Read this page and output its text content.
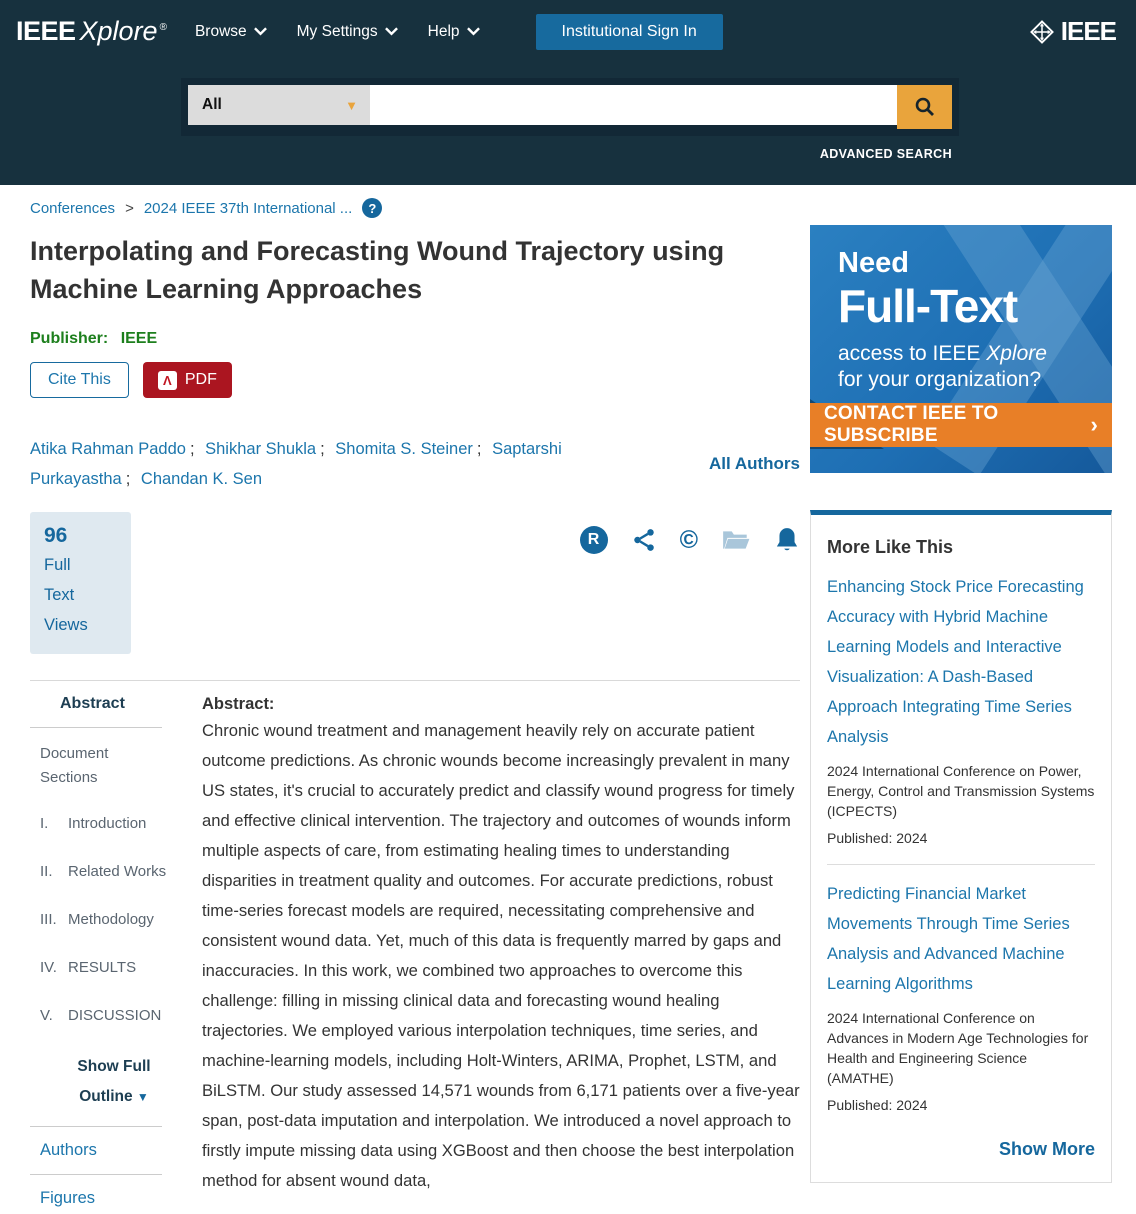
IEEE Xplore ® Browse	My Settings	Help	Institutional Sign In	IEEE
All	▼
ADVANCED SEARCH
Conferences > 2024 IEEE 37th International ...	?
Interpolating and Forecasting Wound Trajectory using Machine Learning Approaches
Publisher: IEEE
Cite This	Λ PDF

Atika Rahman Paddo ; Shikhar Shukla ; Shomita S. Steiner ; Saptarshi Purkayastha ; Chandan K. Sen

All Authors
96
Full
Text Views
R	©
Abstract
Document Sections
I.	Introduction
II.	Related Works
III. Methodology
IV. RESULTS
V.	DISCUSSION
Show Full Outline ▼
Authors
Figures
Abstract:

Chronic wound treatment and management heavily rely on accurate patient outcome predictions. As chronic wounds become increasingly prevalent in many US states, it's crucial to accurately predict and classify wound progress for timely and effective clinical intervention. The trajectory and outcomes of wounds inform multiple aspects of care, from estimating healing times to understanding disparities in treatment quality and outcomes. For accurate predictions, robust time-series forecast models are required, necessitating comprehensive and consistent wound data. Yet, much of this data is frequently marred by gaps and inaccuracies. In this work, we combined two approaches to overcome this challenge: filling in missing clinical data and forecasting wound healing trajectories. We employed various interpolation techniques, time series, and machine-learning models, including Holt-Winters, ARIMA, Prophet, LSTM, and BiLSTM. Our study assessed 14,571 wounds from 6,171 patients over a five-year span, post-data imputation and interpolation. We introduced a novel approach to firstly impute missing data using XGBoost and then choose the best interpolation method for absent wound data,

Need
Full-Text
access to IEEE Xplore
for your organization?
CONTACT IEEE TO SUBSCRIBE	›
More Like This
Enhancing Stock Price Forecasting Accuracy with Hybrid Machine Learning Models and Interactive Visualization: A Dash-Based Approach Integrating Time Series Analysis
2024 International Conference on Power, Energy, Control and Transmission Systems (ICPECTS)
Published: 2024
Predicting Financial Market Movements Through Time Series Analysis and Advanced Machine Learning Algorithms
2024 International Conference on Advances in Modern Age Technologies for Health and Engineering Science (AMATHE)
Published: 2024
Show More
